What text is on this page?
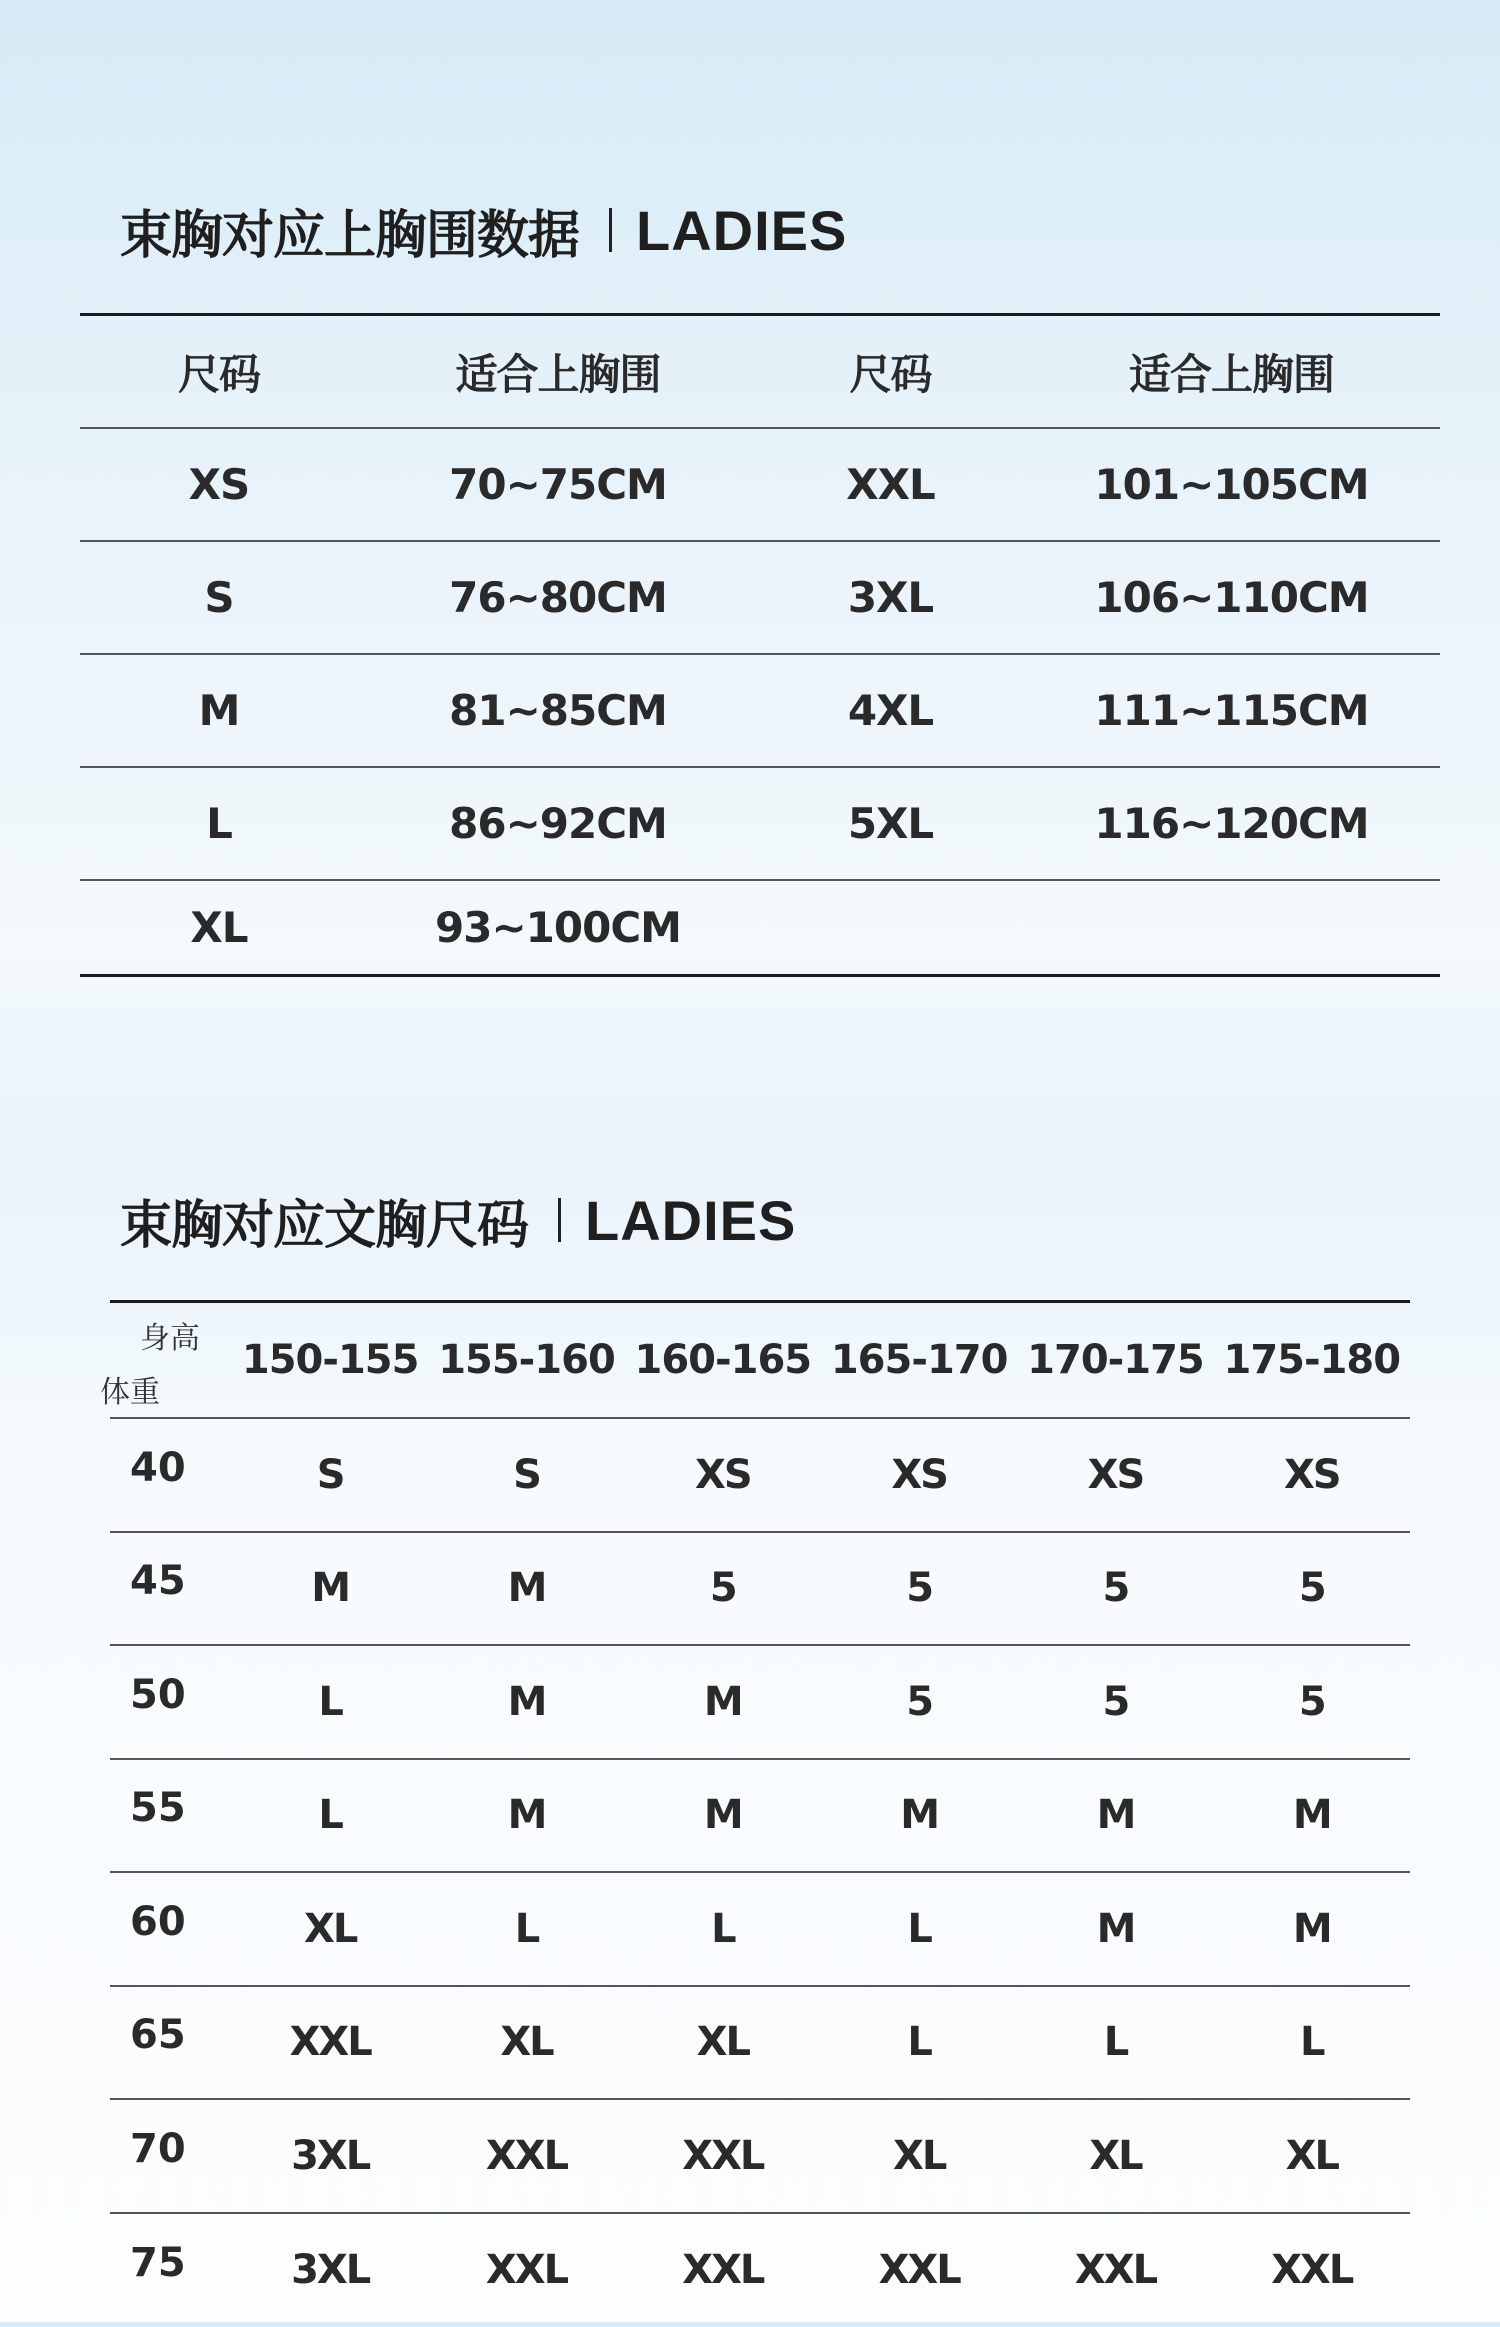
束胸对应上胸围数据 LADIES
尺码	适合上胸围	尺码	适合上胸围
XS	70~75CM	XXL	101~105CM
S	76~80CM	3XL	106~110CM
M	81~85CM	4XL	111~115CM
L	86~92CM	5XL	116~120CM
XL	93~100CM
束胸对应文胸尺码 LADIES
身高
体重
150-155 155-160 160-165 165-170 170-175 175-180
40	S	S	XS	XS	XS	XS
45	M	M	5	5	5	5
50	L	M	M	5	5	5
55	L	M	M	M	M	M
60	XL	L	L	L	M	M
65	XXL	XL	XL	L	L	L
70	3XL	XXL	XXL	XL	XL	XL
75	3XL	XXL	XXL	XXL	XXL	XXL
